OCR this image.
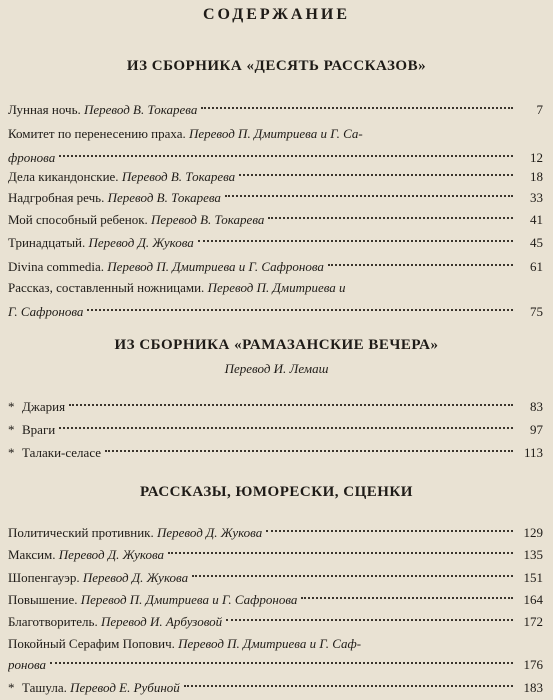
СОДЕРЖАНИЕ
ИЗ СБОРНИКА «ДЕСЯТЬ РАССКАЗОВ»
Лунная ночь. Перевод В. Токарева	7
Комитет по перенесению праха. Перевод П. Дмитриева и Г. Са-
фронова	12
Дела кикандонские. Перевод В. Токарева	18
Надгробная речь. Перевод В. Токарева	33
Мой способный ребенок. Перевод В. Токарева	41
Тринадцатый. Перевод Д. Жукова	45
Divina commedia. Перевод П. Дмитриева и Г. Сафронова	61
Рассказ, составленный ножницами. Перевод П. Дмитриева и
Г. Сафронова	75
ИЗ СБОРНИКА «РАМАЗАНСКИЕ ВЕЧЕРА»
Перевод И. Лемаш
* Джария	83
* Враги	97
* Талаки-селасе	113
РАССКАЗЫ, ЮМОРЕСКИ, СЦЕНКИ
Политический противник. Перевод Д. Жукова	129
Максим. Перевод Д. Жукова	135
Шопенгауэр. Перевод Д. Жукова	151
Повышение. Перевод П. Дмитриева и Г. Сафронова	164
Благотворитель. Перевод И. Арбузовой	172
Покойный Серафим Попович. Перевод П. Дмитриева и Г. Саф-
ронова	176
* Ташула. Перевод Е. Рубиной	183
